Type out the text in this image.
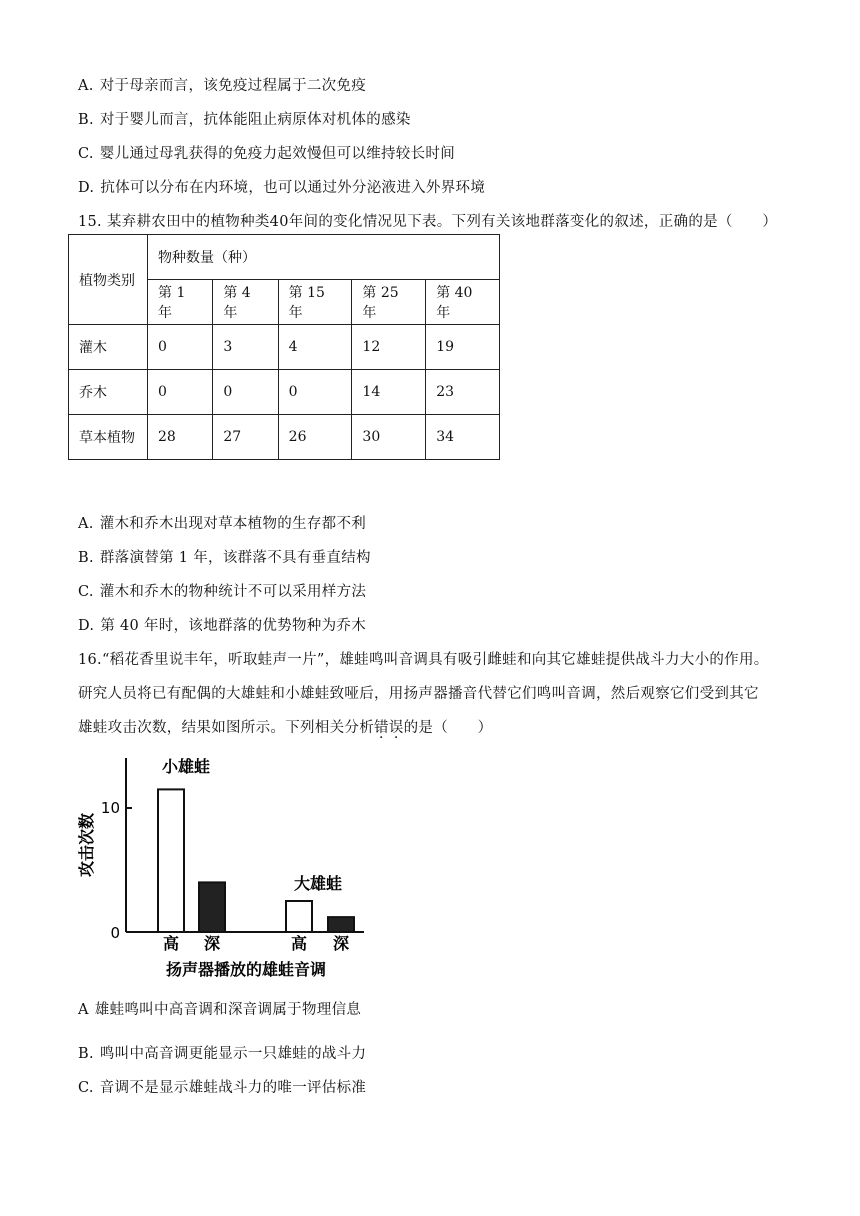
A. 对于母亲而言，该免疫过程属于二次免疫
B. 对于婴儿而言，抗体能阻止病原体对机体的感染
C. 婴儿通过母乳获得的免疫力起效慢但可以维持较长时间
D. 抗体可以分布在内环境，也可以通过外分泌液进入外界环境
15. 某弃耕农田中的植物种类40年间的变化情况见下表。下列有关该地群落变化的叙述，正确的是（　　）
植物类别	物种数量（种）				
	第 1 年	第 4 年	第 15 年	第 25 年	第 40 年
灌木	0	3	4	12	19
乔木	0	0	0	14	23
草本植物	28	27	26	30	34
A. 灌木和乔木出现对草本植物的生存都不利
B. 群落演替第 1 年，该群落不具有垂直结构
C. 灌木和乔木的物种统计不可以采用样方法
D. 第 40 年时，该地群落的优势物种为乔木
16.“稻花香里说丰年，听取蛙声一片”，雄蛙鸣叫音调具有吸引雌蛙和向其它雄蛙提供战斗力大小的作用。
研究人员将已有配偶的大雄蛙和小雄蛙致哑后，用扬声器播音代替它们鸣叫音调，然后观察它们受到其它
雄蛙攻击次数，结果如图所示。下列相关分析错误的是（　　）
10
0
攻击次数
小雄蛙
大雄蛙
高 深	高 深
扬声器播放的雄蛙音调
A 雄蛙鸣叫中高音调和深音调属于物理信息
B. 鸣叫中高音调更能显示一只雄蛙的战斗力
C. 音调不是显示雄蛙战斗力的唯一评估标准
